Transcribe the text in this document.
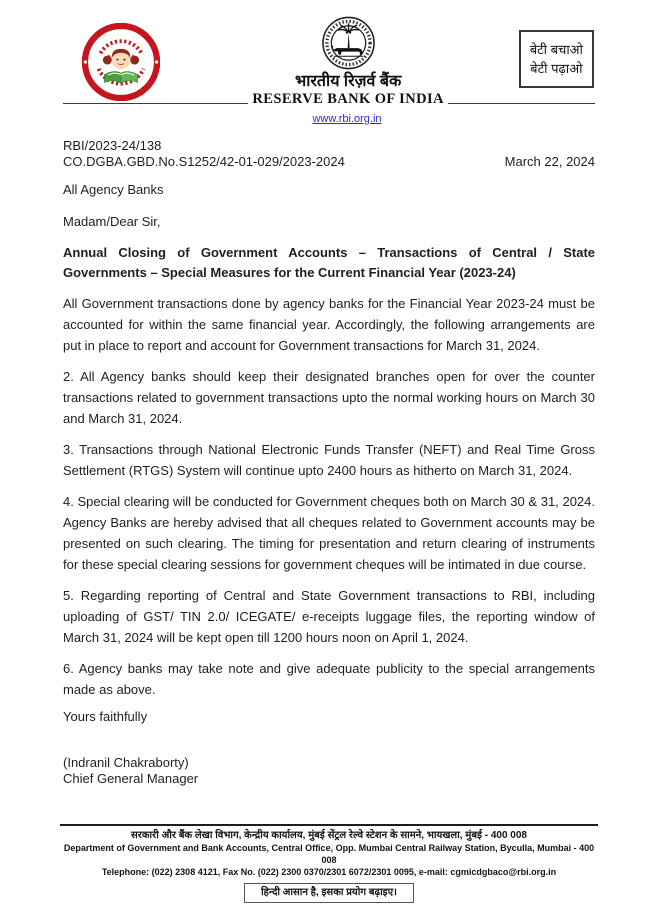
बेटी बचाओ
बेटी पढ़ाओ
भारतीय रिज़र्व बैंक
RESERVE BANK OF INDIA
www.rbi.org.in
RBI/2023-24/138
CO.DGBA.GBD.No.S1252/42-01-029/2023-2024	March 22, 2024
All Agency Banks
Madam/Dear Sir,
Annual Closing of Government Accounts – Transactions of Central / State Governments – Special Measures for the Current Financial Year (2023-24)

All Government transactions done by agency banks for the Financial Year 2023-24 must be accounted for within the same financial year. Accordingly, the following arrangements are put in place to report and account for Government transactions for March 31, 2024.

2. All Agency banks should keep their designated branches open for over the counter transactions related to government transactions upto the normal working hours on March 30 and March 31, 2024.

3. Transactions through National Electronic Funds Transfer (NEFT) and Real Time Gross Settlement (RTGS) System will continue upto 2400 hours as hitherto on March 31, 2024.

4. Special clearing will be conducted for Government cheques both on March 30 & 31, 2024. Agency Banks are hereby advised that all cheques related to Government accounts may be presented on such clearing. The timing for presentation and return clearing of instruments for these special clearing sessions for government cheques will be intimated in due course.

5. Regarding reporting of Central and State Government transactions to RBI, including uploading of GST/ TIN 2.0/ ICEGATE/ e-receipts luggage files, the reporting window of March 31, 2024 will be kept open till 1200 hours noon on April 1, 2024.

6. Agency banks may take note and give adequate publicity to the special arrangements made as above.

Yours faithfully
(Indranil Chakraborty)
Chief General Manager
सरकारी और बैंक लेखा विभाग, केन्द्रीय कार्यालय, मुंबई सेंट्रल रेल्वे स्टेशन के सामने, भायखला, मुंबई - 400 008
Department of Government and Bank Accounts, Central Office, Opp. Mumbai Central Railway Station, Byculla, Mumbai - 400 008
Telephone: (022) 2308 4121, Fax No. (022) 2300 0370/2301 6072/2301 0095, e-mail: cgmicdgbaco@rbi.org.in
हिन्दी आसान है, इसका प्रयोग बढ़ाइए।
